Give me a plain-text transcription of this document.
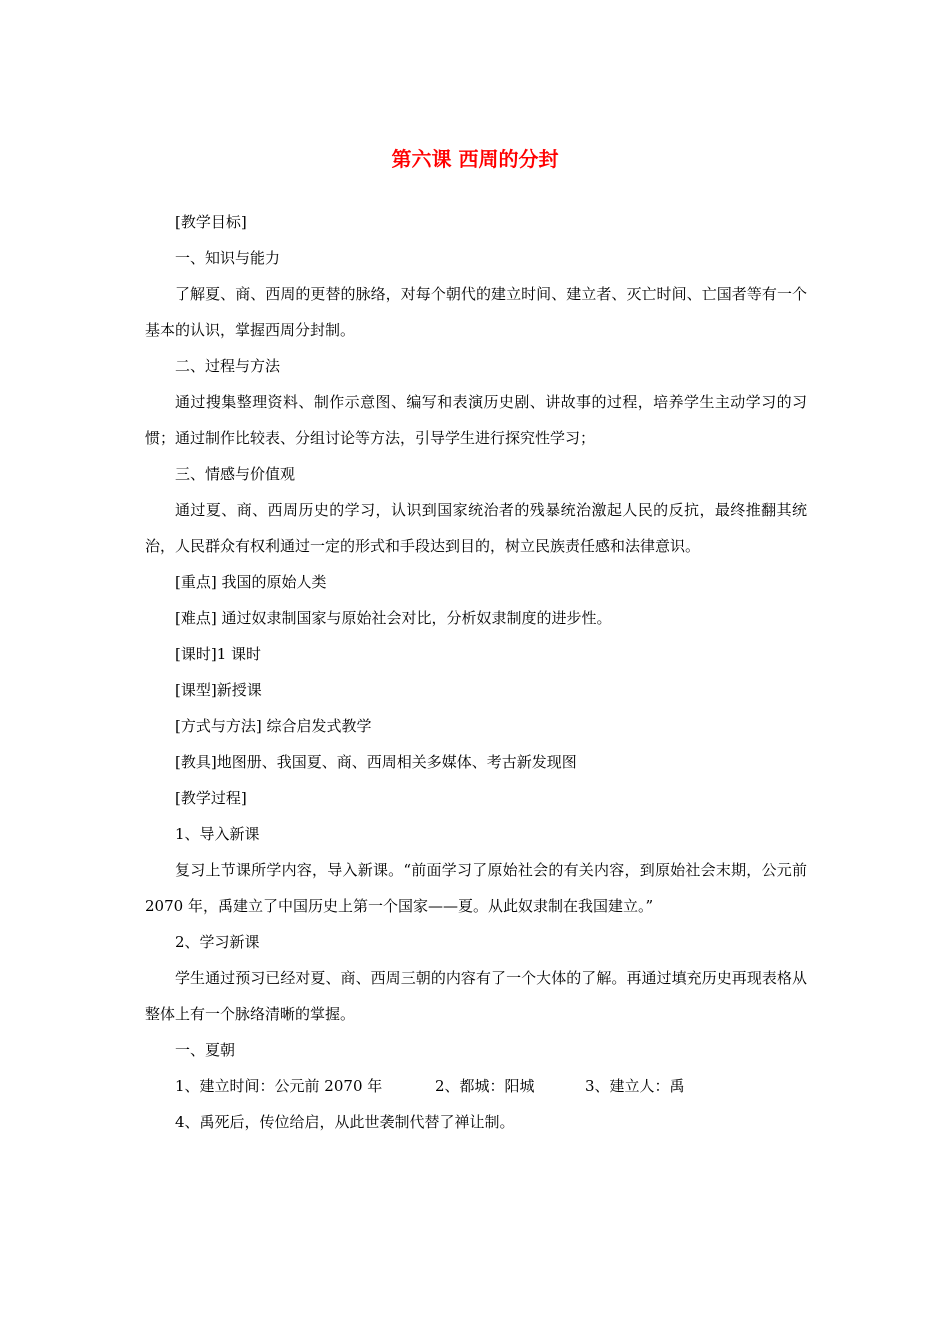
第六课 西周的分封

[教学目标]

一、知识与能力

了解夏、商、西周的更替的脉络，对每个朝代的建立时间、建立者、灭亡时间、亡国者等有一个基本的认识，掌握西周分封制。

二、过程与方法

通过搜集整理资料、制作示意图、编写和表演历史剧、讲故事的过程，培养学生主动学习的习惯；通过制作比较表、分组讨论等方法，引导学生进行探究性学习；

三、情感与价值观

通过夏、商、西周历史的学习，认识到国家统治者的残暴统治激起人民的反抗，最终推翻其统治，人民群众有权利通过一定的形式和手段达到目的，树立民族责任感和法律意识。

[重点] 我国的原始人类

[难点] 通过奴隶制国家与原始社会对比，分析奴隶制度的进步性。

[课时]1 课时

[课型]新授课

[方式与方法] 综合启发式教学

[教具]地图册、我国夏、商、西周相关多媒体、考古新发现图

[教学过程]

1、导入新课

复习上节课所学内容，导入新课。“前面学习了原始社会的有关内容，到原始社会末期，公元前 2070 年，禹建立了中国历史上第一个国家——夏。从此奴隶制在我国建立。”

2、学习新课

学生通过预习已经对夏、商、西周三朝的内容有了一个大体的了解。再通过填充历史再现表格从整体上有一个脉络清晰的掌握。

一、夏朝

1、建立时间：公元前 2070 年	2、都城：阳城	3、建立人：禹

4、禹死后，传位给启，从此世袭制代替了禅让制。
